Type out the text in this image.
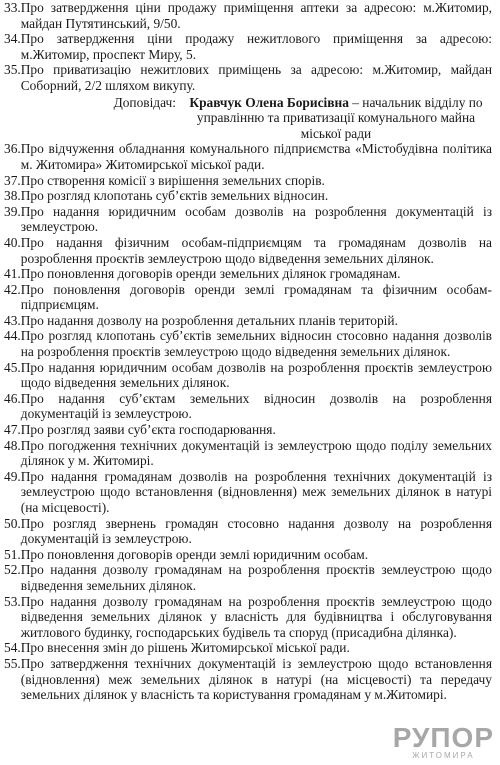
33. Про затвердження ціни продажу приміщення аптеки за адресою: м.Житомир, майдан Путятинський, 9/50.
34. Про затвердження ціни продажу нежитлового приміщення за адресою: м.Житомир, проспект Миру, 5.
35. Про приватизацію нежитлових приміщень за адресою: м.Житомир, майдан Соборний, 2/2 шляхом викупу.
Доповідач: Кравчук Олена Борисівна – начальник відділу по управлінню та приватизації комунального майна міської ради
36. Про відчуження обладнання комунального підприємства «Містобудівна політика м. Житомира» Житомирської міської ради.
37. Про створення комісії з вирішення земельних спорів.
38. Про розгляд клопотань суб’єктів земельних відносин.
39. Про надання юридичним особам дозволів на розроблення документацій із землеустрою.
40. Про надання фізичним особам-підприємцям та громадянам дозволів на розроблення проєктів землеустрою щодо відведення земельних ділянок.
41. Про поновлення договорів оренди земельних ділянок громадянам.
42. Про поновлення договорів оренди землі громадянам та фізичним особам-підприємцям.
43. Про надання дозволу на розроблення детальних планів територій.
44. Про розгляд клопотань суб’єктів земельних відносин стосовно надання дозволів на розроблення проєктів землеустрою щодо відведення земельних ділянок.
45. Про надання юридичним особам дозволів на розроблення проєктів землеустрою щодо відведення земельних ділянок.
46. Про надання суб’єктам земельних відносин дозволів на розроблення документацій із землеустрою.
47. Про розгляд заяви суб’єкта господарювання.
48. Про погодження технічних документацій із землеустрою щодо поділу земельних ділянок у м. Житомирі.
49. Про надання громадянам дозволів на розроблення технічних документацій із землеустрою щодо встановлення (відновлення) меж земельних ділянок в натурі (на місцевості).
50. Про розгляд звернень громадян стосовно надання дозволу на розроблення документацій із землеустрою.
51. Про поновлення договорів оренди землі юридичним особам.
52. Про надання дозволу громадянам на розроблення проєктів землеустрою щодо відведення земельних ділянок.
53. Про надання дозволу громадянам на розроблення проєктів землеустрою щодо відведення земельних ділянок у власність для будівництва і обслуговування житлового будинку, господарських будівель та споруд (присадибна ділянка).
54. Про внесення змін до рішень Житомирської міської ради.
55. Про затвердження технічних документацій із землеустрою щодо встановлення (відновлення) меж земельних ділянок в натурі (на місцевості) та передачу земельних ділянок у власність та користування громадянам у м.Житомирі.
РУПОР
ЖИТОМИРА
